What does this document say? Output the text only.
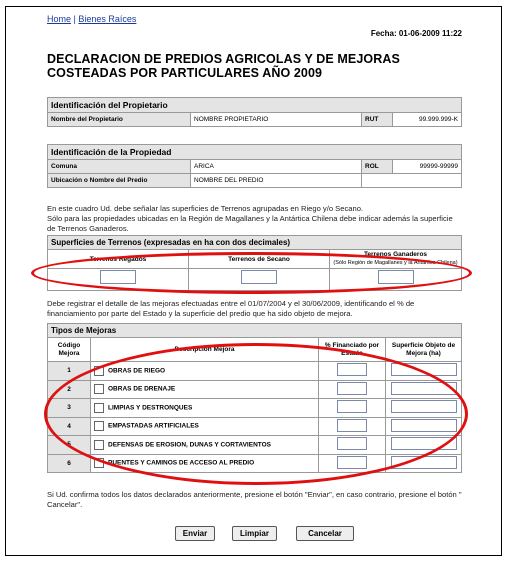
Home | Bienes Raíces
Fecha: 01-06-2009 11:22
DECLARACION DE PREDIOS AGRICOLAS Y DE MEJORAS COSTEADAS POR PARTICULARES AÑO 2009
Identificación del Propietario
Nombre del Propietario	NOMBRE PROPIETARIO	RUT	99.999.999-K
Identificación de la Propiedad			
Comuna	ARICA	ROL	99999-99999
Ubicación o Nombre del Predio	NOMBRE DEL PREDIO		
En este cuadro Ud. debe señalar las superficies de Terrenos agrupadas en Riego y/o Secano.
Sólo para las propiedades ubicadas en la Región de Magallanes y la Antártica Chilena debe indicar además la superficie de Terrenos Ganaderos.
Superficies de Terrenos (expresadas en ha con dos decimales)		
Terrenos Regados	Terrenos de Secano	Terrenos Ganaderos
(Sólo Región de Magallanes y la Antártica Chilena)

Debe registrar el detalle de las mejoras efectuadas entre el 01/07/2004 y el 30/06/2009, identificando el % de financiamiento por parte del Estado y la superficie del predio que ha sido objeto de mejora.
Tipos de Mejoras			
Código Mejora	Descripción Mejora	% Financiado por Estado	Superficie Objeto de Mejora (ha)
1	OBRAS DE RIEGO		
2	OBRAS DE DRENAJE		
3	LIMPIAS Y DESTRONQUES		
4	EMPASTADAS ARTIFICIALES		
5	DEFENSAS DE EROSION, DUNAS Y CORTAVIENTOS		
6	PUENTES Y CAMINOS DE ACCESO AL PREDIO		
Si Ud. confirma todos los datos declarados anteriormente, presione el botón "Enviar", en caso contrario, presione el botón " Cancelar".
Enviar	Limpiar	Cancelar
